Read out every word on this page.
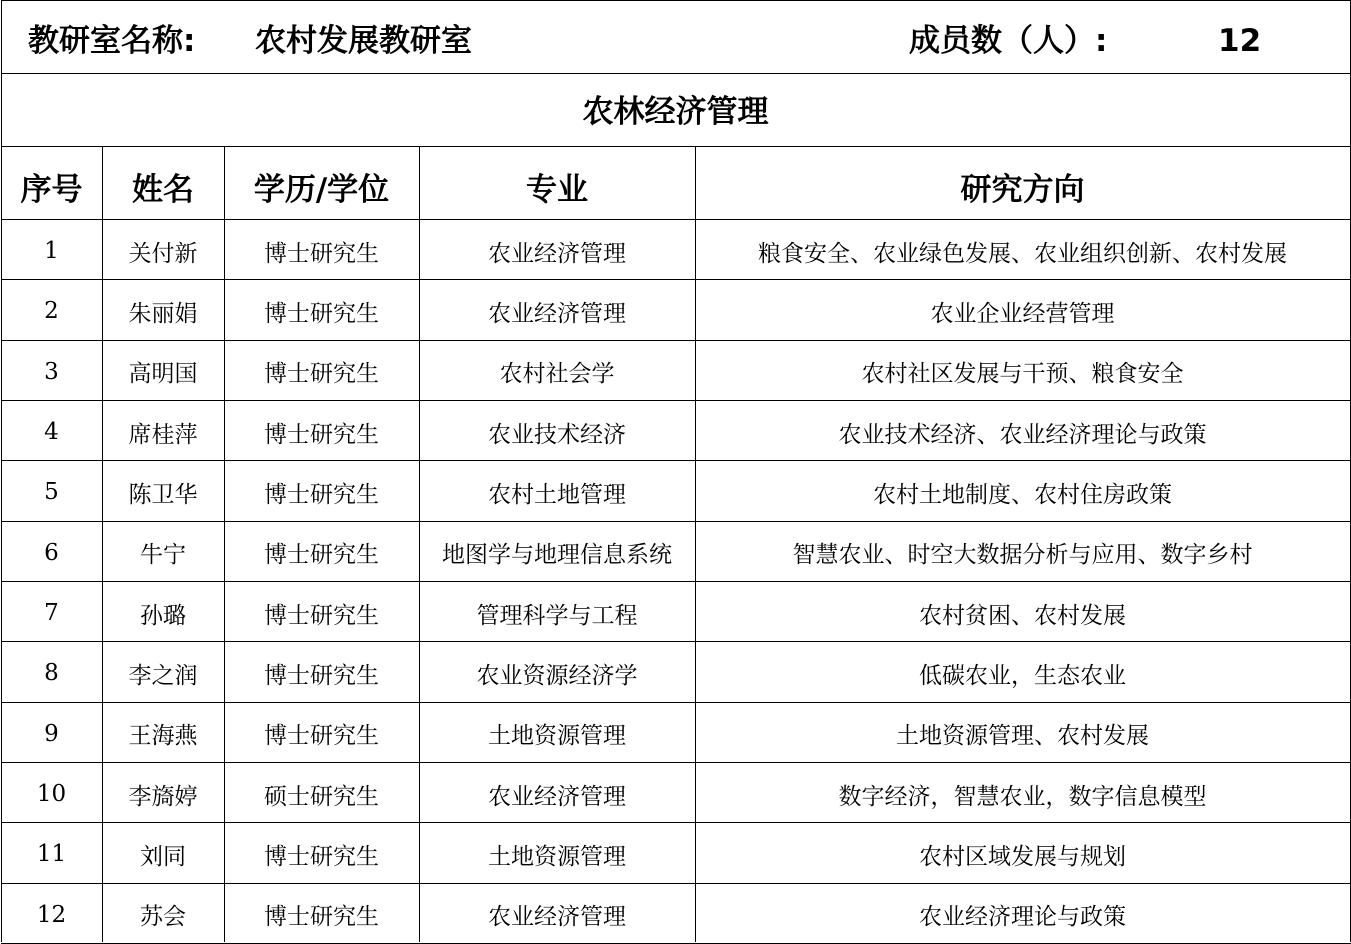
教研室名称: 农村发展教研室	成员数（人）:	12
农林经济管理
序号	姓名	学历/学位	专业	研究方向
1	关付新	博士研究生	农业经济管理	粮食安全、农业绿色发展、农业组织创新、农村发展
2	朱丽娟	博士研究生	农业经济管理	农业企业经营管理
3	高明国	博士研究生	农村社会学	农村社区发展与干预、粮食安全
4	席桂萍	博士研究生	农业技术经济	农业技术经济、农业经济理论与政策
5	陈卫华	博士研究生	农村土地管理	农村土地制度、农村住房政策
6	牛宁	博士研究生	地图学与地理信息系统	智慧农业、时空大数据分析与应用、数字乡村
7	孙璐	博士研究生	管理科学与工程	农村贫困、农村发展
8	李之润	博士研究生	农业资源经济学	低碳农业，生态农业
9	王海燕	博士研究生	土地资源管理	土地资源管理、农村发展
10	李旖婷	硕士研究生	农业经济管理	数字经济，智慧农业，数字信息模型
11	刘同	博士研究生	土地资源管理	农村区域发展与规划
12	苏会	博士研究生	农业经济管理	农业经济理论与政策
